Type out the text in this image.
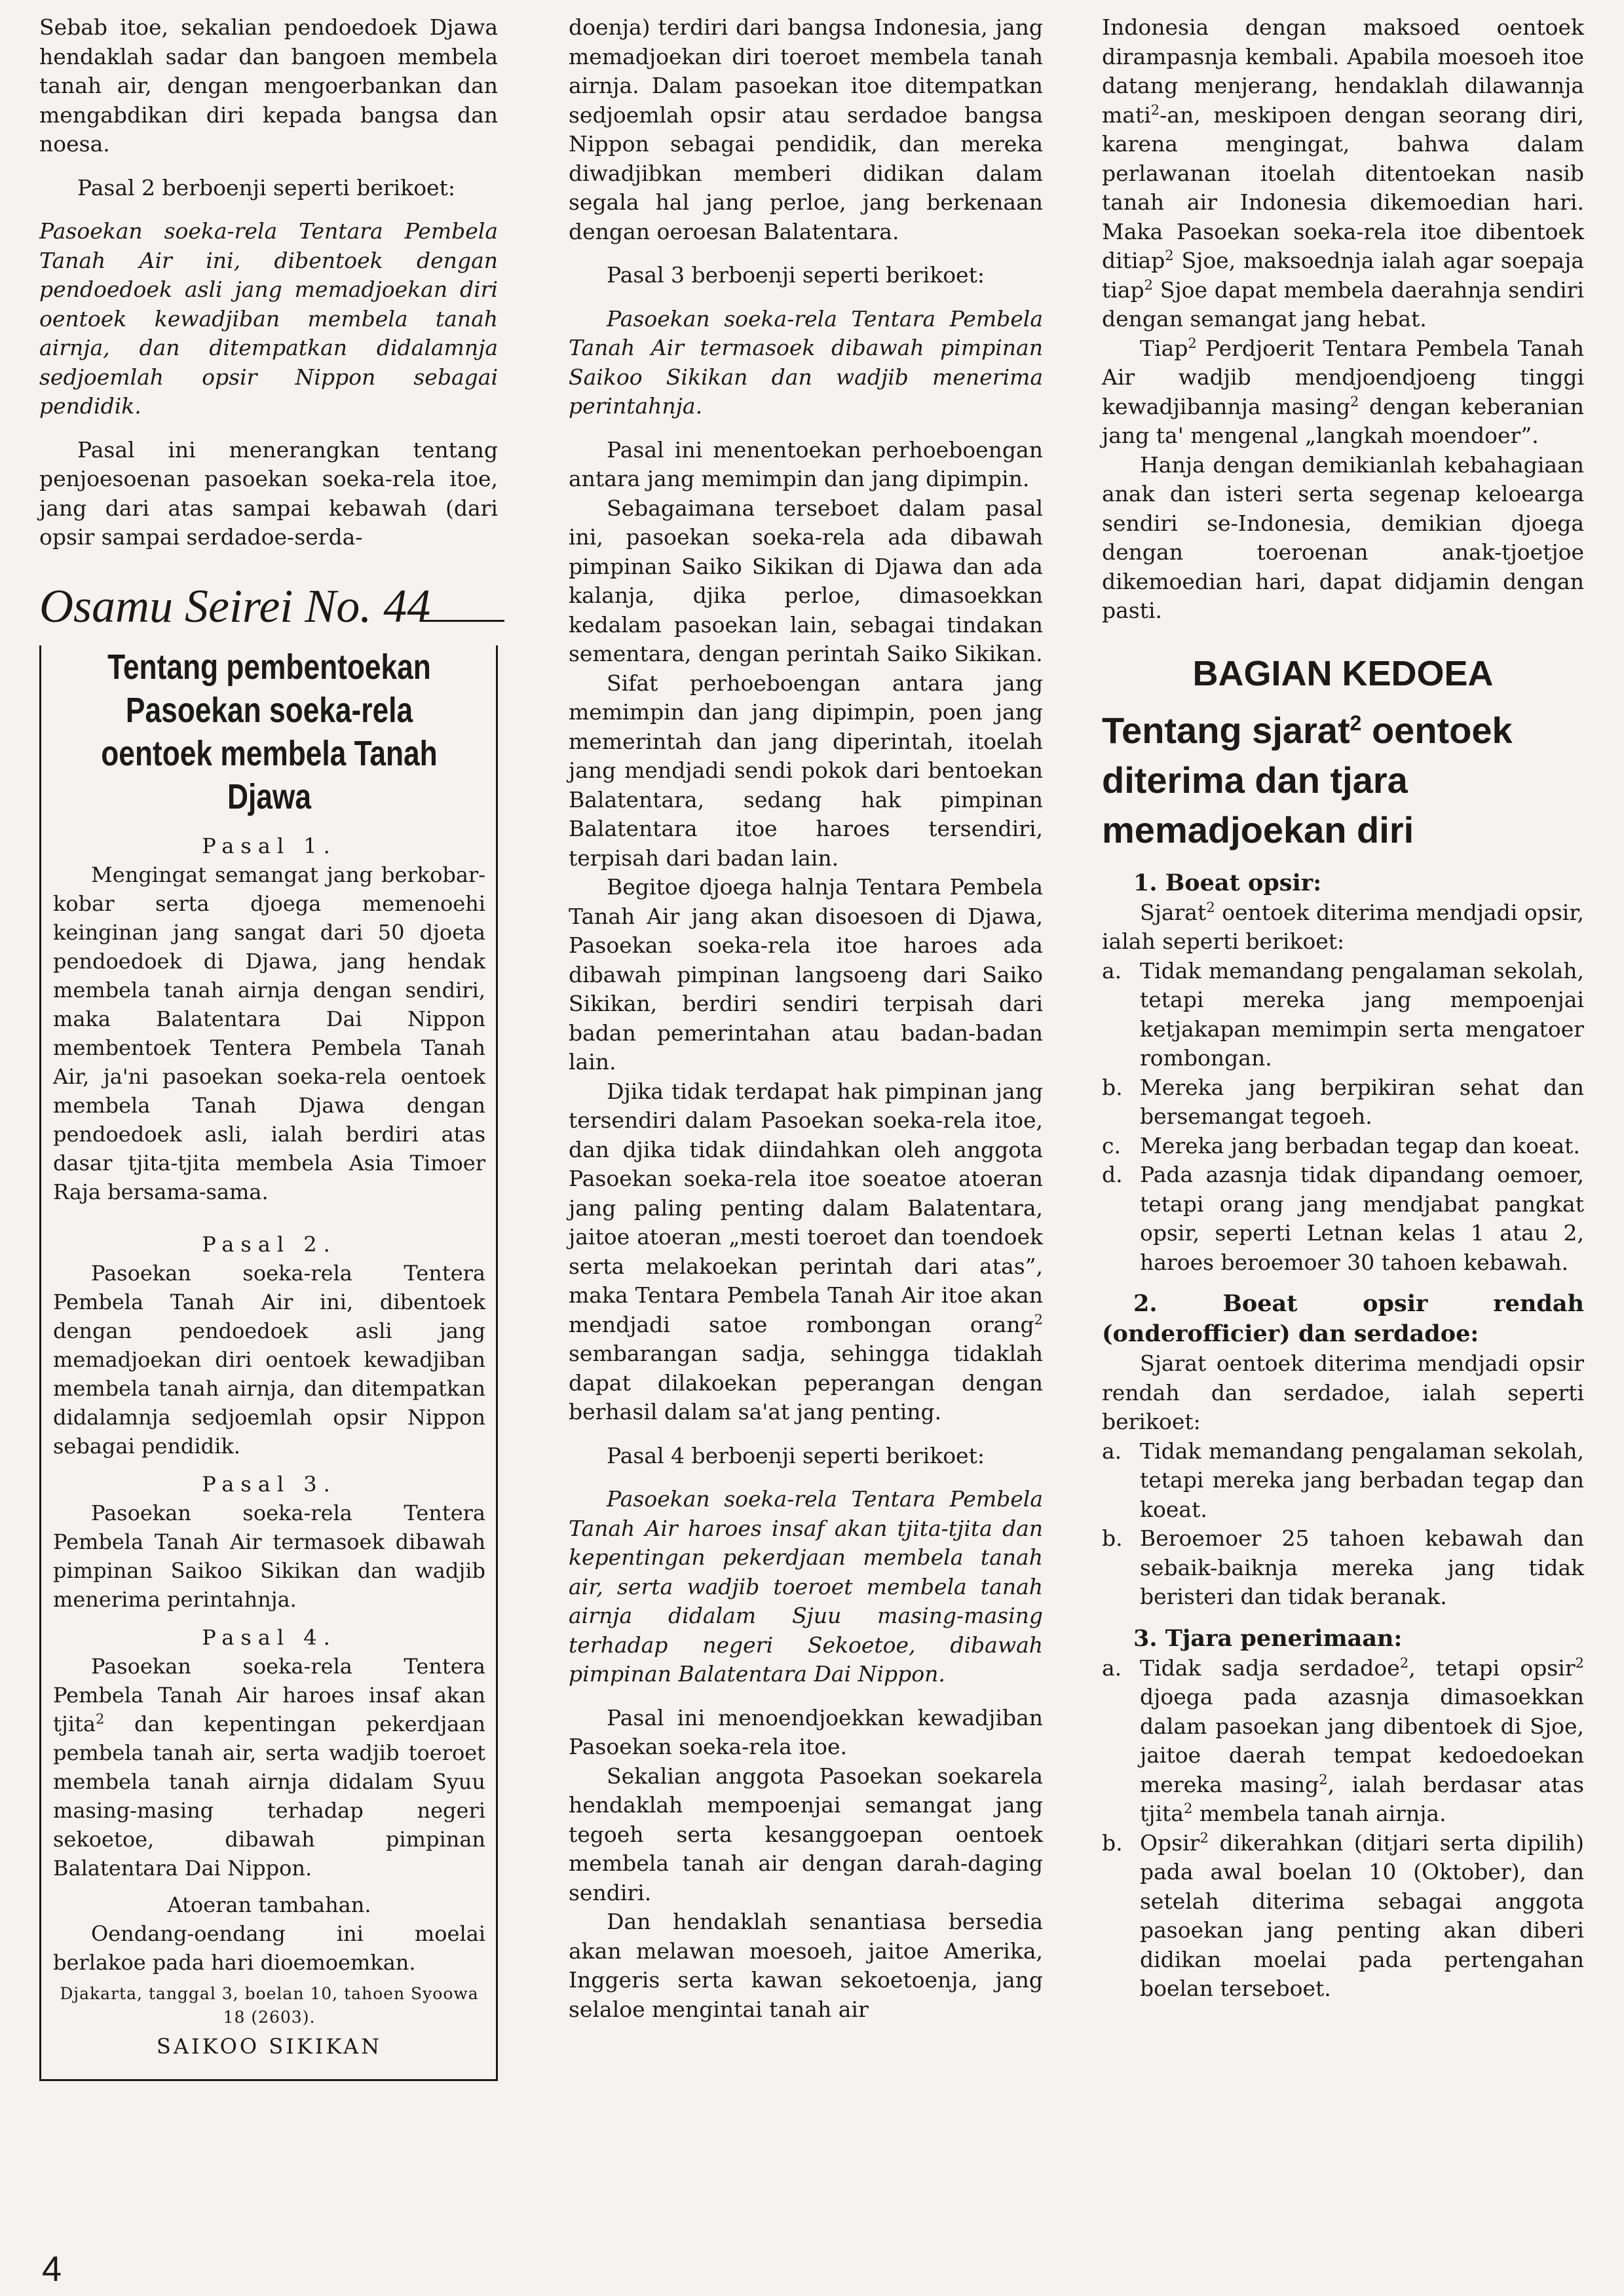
Sebab itoe, sekalian pendoedoek Djawa hendaklah sadar dan bangoen membela tanah air, dengan mengoerbankan dan mengabdikan diri kepada bangsa dan noesa.

Pasal 2 berboenji seperti berikoet:

Pasoekan soeka-rela Tentara Pembela Tanah Air ini, dibentoek dengan pendoedoek asli jang memadjoekan diri oentoek kewadjiban membela tanah airnja, dan ditempatkan didalamnja sedjoemlah opsir Nippon sebagai pendidik.

Pasal ini menerangkan tentang penjoesoenan pasoekan soeka-rela itoe, jang dari atas sampai kebawah (dari opsir sampai serdadoe-serda-

Osamu Seirei No. 44
Tentang pembentoekan Pasoekan soeka-rela oentoek membela Tanah Djawa

Pasal 1.

Mengingat semangat jang berkobar-kobar serta djoega memenoehi keinginan jang sangat dari 50 djoeta pendoedoek di Djawa, jang hendak membela tanah airnja dengan sendiri, maka Balatentara Dai Nippon membentoek Tentera Pembela Tanah Air, ja'ni pasoekan soeka-rela oentoek membela Tanah Djawa dengan pendoedoek asli, ialah berdiri atas dasar tjita-tjita membela Asia Timoer Raja bersama-sama.

Pasal 2.

Pasoekan soeka-rela Tentera Pembela Tanah Air ini, dibentoek dengan pendoedoek asli jang memadjoekan diri oentoek kewadjiban membela tanah airnja, dan ditempatkan didalamnja sedjoemlah opsir Nippon sebagai pendidik.

Pasal 3.

Pasoekan soeka-rela Tentera Pembela Tanah Air termasoek dibawah pimpinan Saikoo Sikikan dan wadjib menerima perintahnja.

Pasal 4.

Pasoekan soeka-rela Tentera Pembela Tanah Air haroes insaf akan tjita$^2$ dan kepentingan pekerdjaan pembela tanah air, serta wadjib toeroet membela tanah airnja didalam Syuu masing-masing terhadap negeri sekoetoe, dibawah pimpinan Balatentara Dai Nippon.

Atoeran tambahan.

Oendang-oendang ini moelai berlakoe pada hari dioemoemkan.

Djakarta, tanggal 3, boelan 10, tahoen Syoowa 18 (2603).

SAIKOO SIKIKAN

doenja) terdiri dari bangsa Indonesia, jang memadjoekan diri toeroet membela tanah airnja. Dalam pasoekan itoe ditempatkan sedjoemlah opsir atau serdadoe bangsa Nippon sebagai pendidik, dan mereka diwadjibkan memberi didikan dalam segala hal jang perloe, jang berkenaan dengan oeroesan Balatentara.

Pasal 3 berboenji seperti berikoet:

Pasoekan soeka-rela Tentara Pembela Tanah Air termasoek dibawah pimpinan Saikoo Sikikan dan wadjib menerima perintahnja.

Pasal ini menentoekan perhoeboengan antara jang memimpin dan jang dipimpin.

Sebagaimana terseboet dalam pasal ini, pasoekan soeka-rela ada dibawah pimpinan Saiko Sikikan di Djawa dan ada kalanja, djika perloe, dimasoekkan kedalam pasoekan lain, sebagai tindakan sementara, dengan perintah Saiko Sikikan.

Sifat perhoeboengan antara jang memimpin dan jang dipimpin, poen jang memerintah dan jang diperintah, itoelah jang mendjadi sendi pokok dari bentoekan Balatentara, sedang hak pimpinan Balatentara itoe haroes tersendiri, terpisah dari badan lain.

Begitoe djoega halnja Tentara Pembela Tanah Air jang akan disoesoen di Djawa, Pasoekan soeka-rela itoe haroes ada dibawah pimpinan langsoeng dari Saiko Sikikan, berdiri sendiri terpisah dari badan pemerintahan atau badan-badan lain.

Djika tidak terdapat hak pimpinan jang tersendiri dalam Pasoekan soeka-rela itoe, dan djika tidak diindahkan oleh anggota Pasoekan soeka-rela itoe soeatoe atoeran jang paling penting dalam Balatentara, jaitoe atoeran „mesti toeroet dan toendoek serta melakoekan perintah dari atas”, maka Tentara Pembela Tanah Air itoe akan mendjadi satoe rombongan orang$^2$ sembarangan sadja, sehingga tidaklah dapat dilakoekan peperangan dengan berhasil dalam sa'at jang penting.

Pasal 4 berboenji seperti berikoet:

Pasoekan soeka-rela Tentara Pembela Tanah Air haroes insaf akan tjita-tjita dan kepentingan pekerdjaan membela tanah air, serta wadjib toeroet membela tanah airnja didalam Sjuu masing-masing terhadap negeri Sekoetoe, dibawah pimpinan Balatentara Dai Nippon.

Pasal ini menoendjoekkan kewadjiban Pasoekan soeka-rela itoe.

Sekalian anggota Pasoekan soekarela hendaklah mempoenjai semangat jang tegoeh serta kesanggoepan oentoek membela tanah air dengan darah-daging sendiri.

Dan hendaklah senantiasa bersedia akan melawan moesoeh, jaitoe Amerika, Inggeris serta kawan sekoetoenja, jang selaloe mengintai tanah air

Indonesia dengan maksoed oentoek dirampasnja kembali. Apabila moesoeh itoe datang menjerang, hendaklah dilawannja mati$^2$-an, meskipoen dengan seorang diri, karena mengingat, bahwa dalam perlawanan itoelah ditentoekan nasib tanah air Indonesia dikemoedian hari. Maka Pasoekan soeka-rela itoe dibentoek ditiap$^2$ Sjoe, maksoednja ialah agar soepaja tiap$^2$ Sjoe dapat membela daerahnja sendiri dengan semangat jang hebat.

Tiap$^2$ Perdjoerit Tentara Pembela Tanah Air wadjib mendjoendjoeng tinggi kewadjibannja masing$^2$ dengan keberanian jang ta' mengenal „langkah moendoer”.

Hanja dengan demikianlah kebahagiaan anak dan isteri serta segenap keloearga sendiri se-Indonesia, demikian djoega dengan toeroenan anak-tjoetjoe dikemoedian hari, dapat didjamin dengan pasti.

BAGIAN KEDOEA
Tentang sjarat$^2$ oentoek diterima dan tjara memadjoekan diri

1. Boeat opsir:

Sjarat$^2$ oentoek diterima mendjadi opsir, ialah seperti berikoet:

a. Tidak memandang pengalaman sekolah, tetapi mereka jang mempoenjai ketjakapan memimpin serta mengatoer rombongan.
b. Mereka jang berpikiran sehat dan bersemangat tegoeh.
c. Mereka jang berbadan tegap dan koeat.
d. Pada azasnja tidak dipandang oemoer, tetapi orang jang mendjabat pangkat opsir, seperti Letnan kelas 1 atau 2, haroes beroemoer 30 tahoen kebawah.

2. Boeat opsir rendah (onderofficier) dan serdadoe:

Sjarat oentoek diterima mendjadi opsir rendah dan serdadoe, ialah seperti berikoet:

a. Tidak memandang pengalaman sekolah, tetapi mereka jang berbadan tegap dan koeat.
b. Beroemoer 25 tahoen kebawah dan sebaik-baiknja mereka jang tidak beristeri dan tidak beranak.

3. Tjara penerimaan:

a. Tidak sadja serdadoe$^2$, tetapi opsir$^2$ djoega pada azasnja dimasoekkan dalam pasoekan jang dibentoek di Sjoe, jaitoe daerah tempat kedoedoekan mereka masing$^2$, ialah berdasar atas tjita$^2$ membela tanah airnja.
b. Opsir$^2$ dikerahkan (ditjari serta dipilih) pada awal boelan 10 (Oktober), dan setelah diterima sebagai anggota pasoekan jang penting akan diberi didikan moelai pada pertengahan boelan terseboet.
4
